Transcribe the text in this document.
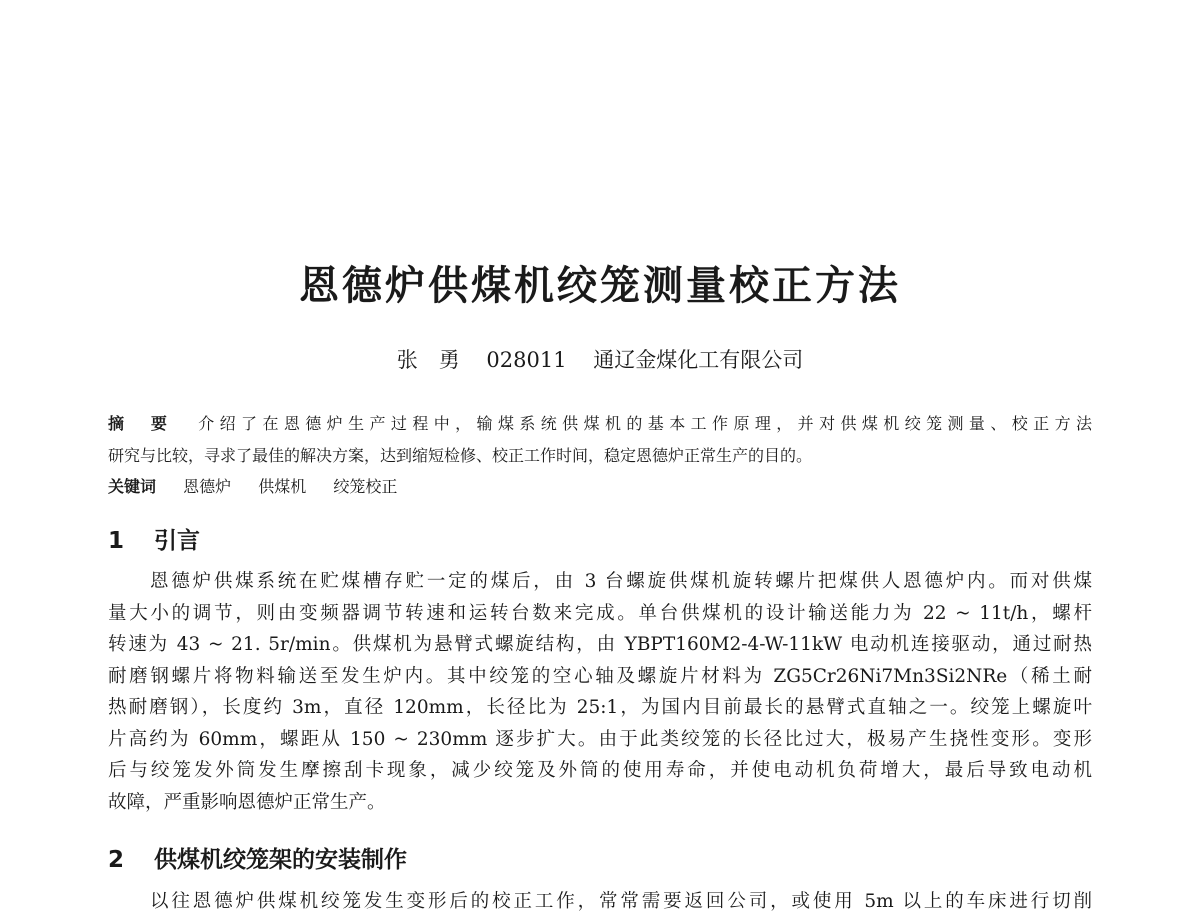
恩德炉供煤机绞笼测量校正方法
张　勇 028011 通辽金煤化工有限公司
摘　要 介绍了在恩德炉生产过程中，输煤系统供煤机的基本工作原理，并对供煤机绞笼测量、校正方法
研究与比较，寻求了最佳的解决方案，达到缩短检修、校正工作时间，稳定恩德炉正常生产的目的。
关键词 恩德炉 供煤机 绞笼校正
1 引言
恩德炉供煤系统在贮煤槽存贮一定的煤后，由 3 台螺旋供煤机旋转螺片把煤供人恩德炉内。而对供煤
量大小的调节，则由变频器调节转速和运转台数来完成。单台供煤机的设计输送能力为 22 ~ 11t/h，螺杆
转速为 43 ~ 21. 5r/min。供煤机为悬臂式螺旋结构，由 YBPT160M2-4-W-11kW 电动机连接驱动，通过耐热
耐磨钢螺片将物料输送至发生炉内。其中绞笼的空心轴及螺旋片材料为 ZG5Cr26Ni7Mn3Si2NRe（稀土耐
热耐磨钢），长度约 3m，直径 120mm，长径比为 25:1，为国内目前最长的悬臂式直轴之一。绞笼上螺旋叶
片高约为 60mm，螺距从 150 ~ 230mm 逐步扩大。由于此类绞笼的长径比过大，极易产生挠性变形。变形
后与绞笼发外筒发生摩擦刮卡现象，减少绞笼及外筒的使用寿命，并使电动机负荷增大，最后导致电动机
故障，严重影响恩德炉正常生产。
2 供煤机绞笼架的安装制作
以往恩德炉供煤机绞笼发生变形后的校正工作，常常需要返回公司，或使用 5m 以上的车床进行切削
